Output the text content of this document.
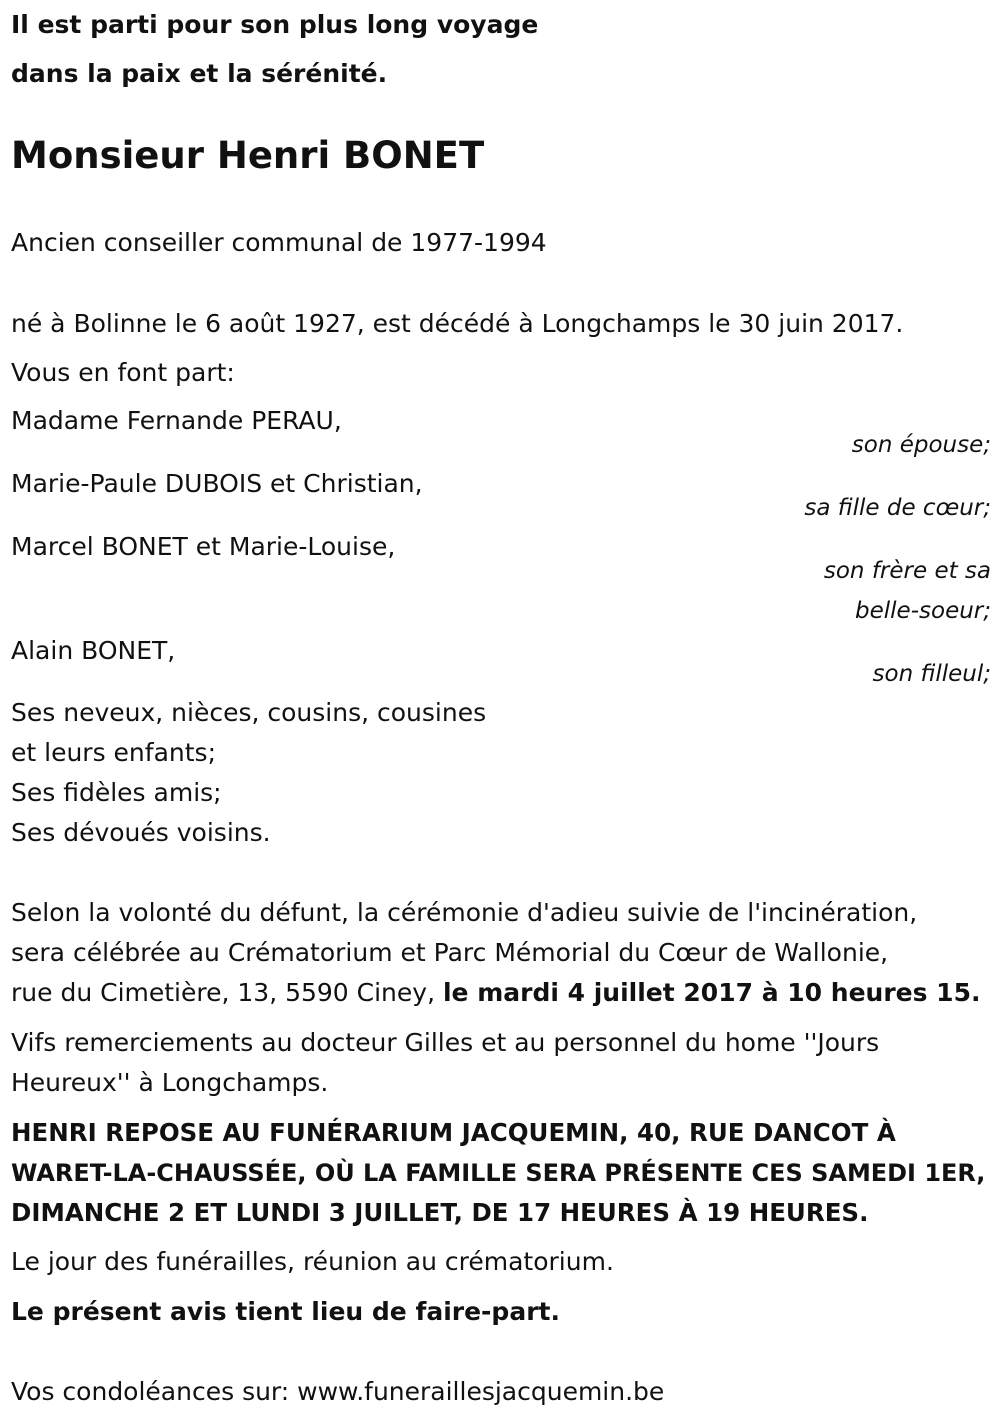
Il est parti pour son plus long voyage
dans la paix et la sérénité.
Monsieur Henri BONET
Ancien conseiller communal de 1977-1994
né à Bolinne le 6 août 1927, est décédé à Longchamps le 30 juin 2017.
Vous en font part:
Madame Fernande PERAU,
son épouse;
Marie-Paule DUBOIS et Christian,
sa fille de cœur;
Marcel BONET et Marie-Louise,
son frère et sa
belle-soeur;
Alain BONET,
son filleul;
Ses neveux, nièces, cousins, cousines
et leurs enfants;
Ses fidèles amis;
Ses dévoués voisins.
Selon la volonté du défunt, la cérémonie d'adieu suivie de l'incinération,
sera célébrée au Crématorium et Parc Mémorial du Cœur de Wallonie,
rue du Cimetière, 13, 5590 Ciney, le mardi 4 juillet 2017 à 10 heures 15.
Vifs remerciements au docteur Gilles et au personnel du home ''Jours
Heureux'' à Longchamps.
HENRI REPOSE AU FUNÉRARIUM JACQUEMIN, 40, RUE DANCOT À
WARET-LA-CHAUSSÉE, OÙ LA FAMILLE SERA PRÉSENTE CES SAMEDI 1ER,
DIMANCHE 2 ET LUNDI 3 JUILLET, DE 17 HEURES À 19 HEURES.
Le jour des funérailles, réunion au crématorium.
Le présent avis tient lieu de faire-part.
Vos condoléances sur: www.funeraillesjacquemin.be
